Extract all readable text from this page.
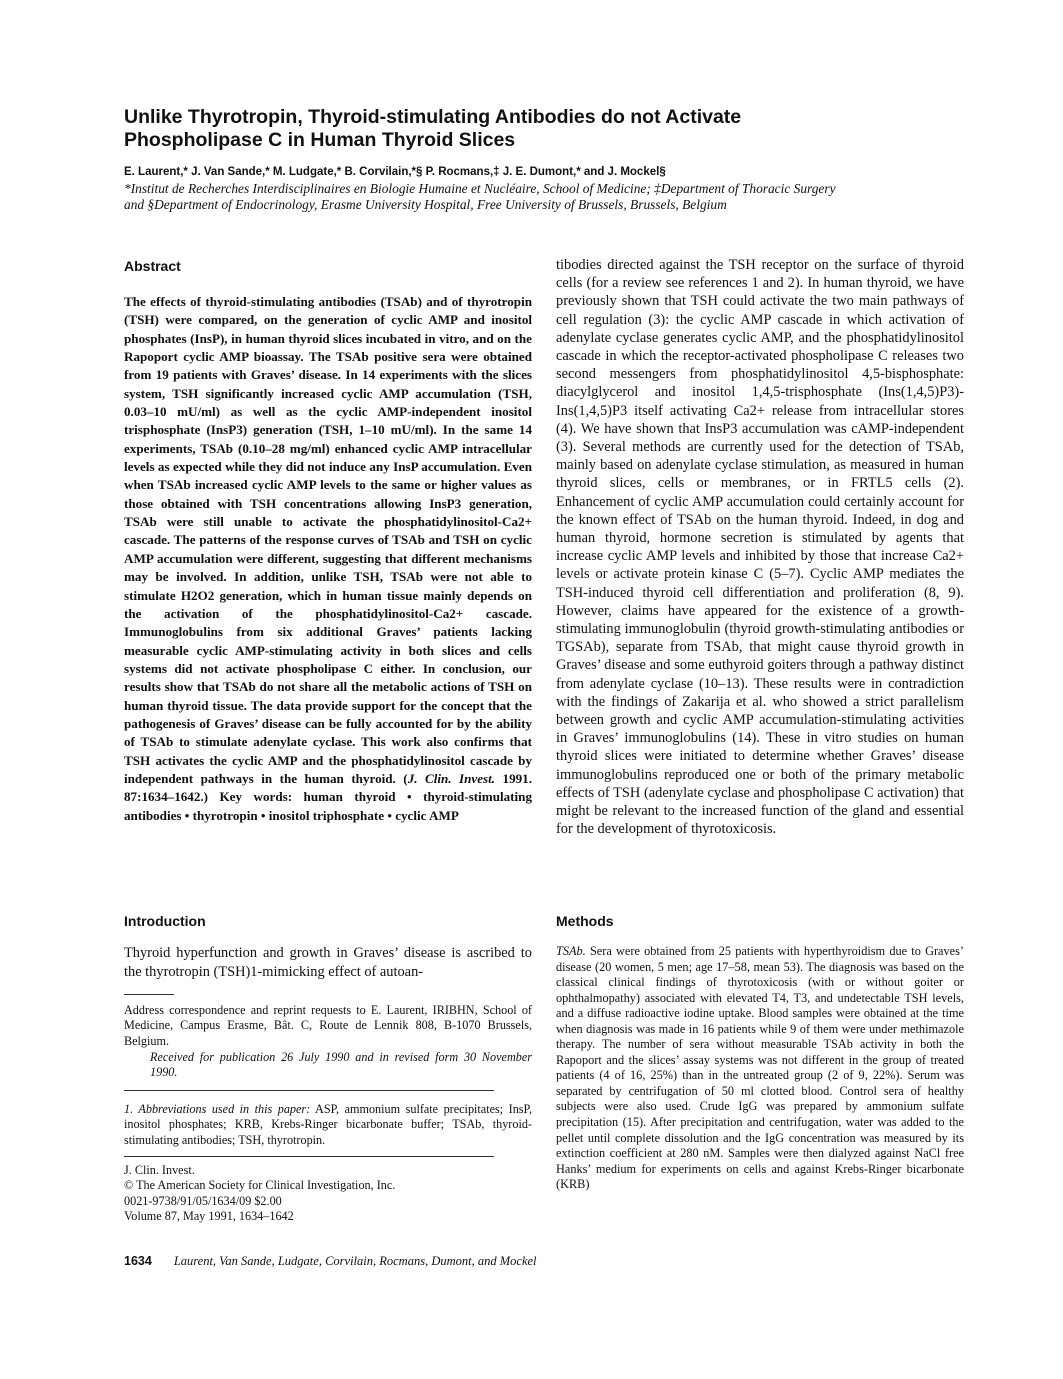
Unlike Thyrotropin, Thyroid-stimulating Antibodies do not Activate
Phospholipase C in Human Thyroid Slices

E. Laurent,* J. Van Sande,* M. Ludgate,* B. Corvilain,*§ P. Rocmans,‡ J. E. Dumont,* and J. Mockel§

*Institut de Recherches Interdisciplinaires en Biologie Humaine et Nucléaire, School of Medicine; ‡Department of Thoracic Surgery
and §Department of Endocrinology, Erasme University Hospital, Free University of Brussels, Brussels, Belgium

Abstract

The effects of thyroid-stimulating antibodies (TSAb) and of thyrotropin (TSH) were compared, on the generation of cyclic AMP and inositol phosphates (InsP), in human thyroid slices incubated in vitro, and on the Rapoport cyclic AMP bioassay. The TSAb positive sera were obtained from 19 patients with Graves’ disease. In 14 experiments with the slices system, TSH significantly increased cyclic AMP accumulation (TSH, 0.03–10 mU/ml) as well as the cyclic AMP-independent inositol trisphosphate (InsP3) generation (TSH, 1–10 mU/ml). In the same 14 experiments, TSAb (0.10–28 mg/ml) enhanced cyclic AMP intracellular levels as expected while they did not induce any InsP accumulation. Even when TSAb increased cyclic AMP levels to the same or higher values as those obtained with TSH concentrations allowing InsP3 generation, TSAb were still unable to activate the phosphatidylinositol-Ca2+ cascade. The patterns of the response curves of TSAb and TSH on cyclic AMP accumulation were different, suggesting that different mechanisms may be involved. In addition, unlike TSH, TSAb were not able to stimulate H2O2 generation, which in human tissue mainly depends on the activation of the phosphatidylinositol-Ca2+ cascade. Immunoglobulins from six additional Graves’ patients lacking measurable cyclic AMP-stimulating activity in both slices and cells systems did not activate phospholipase C either. In conclusion, our results show that TSAb do not share all the metabolic actions of TSH on human thyroid tissue. The data provide support for the concept that the pathogenesis of Graves’ disease can be fully accounted for by the ability of TSAb to stimulate adenylate cyclase. This work also confirms that TSH activates the cyclic AMP and the phosphatidylinositol cascade by independent pathways in the human thyroid. (J. Clin. Invest. 1991. 87:1634–1642.) Key words: human thyroid • thyroid-stimulating antibodies • thyrotropin • inositol triphosphate • cyclic AMP

Introduction

Thyroid hyperfunction and growth in Graves’ disease is ascribed to the thyrotropin (TSH)1-mimicking effect of autoan-

Address correspondence and reprint requests to E. Laurent, IRIBHN, School of Medicine, Campus Erasme, Bât. C, Route de Lennik 808, B-1070 Brussels, Belgium.

Received for publication 26 July 1990 and in revised form 30 November 1990.

1. Abbreviations used in this paper: ASP, ammonium sulfate precipitates; InsP, inositol phosphates; KRB, Krebs-Ringer bicarbonate buffer; TSAb, thyroid-stimulating antibodies; TSH, thyrotropin.

J. Clin. Invest.
© The American Society for Clinical Investigation, Inc.
0021-9738/91/05/1634/09 $2.00
Volume 87, May 1991, 1634–1642

tibodies directed against the TSH receptor on the surface of thyroid cells (for a review see references 1 and 2). In human thyroid, we have previously shown that TSH could activate the two main pathways of cell regulation (3): the cyclic AMP cascade in which activation of adenylate cyclase generates cyclic AMP, and the phosphatidylinositol cascade in which the receptor-activated phospholipase C releases two second messengers from phosphatidylinositol 4,5-bisphosphate: diacylglycerol and inositol 1,4,5-trisphosphate (Ins(1,4,5)P3)-Ins(1,4,5)P3 itself activating Ca2+ release from intracellular stores (4). We have shown that InsP3 accumulation was cAMP-independent (3). Several methods are currently used for the detection of TSAb, mainly based on adenylate cyclase stimulation, as measured in human thyroid slices, cells or membranes, or in FRTL5 cells (2). Enhancement of cyclic AMP accumulation could certainly account for the known effect of TSAb on the human thyroid. Indeed, in dog and human thyroid, hormone secretion is stimulated by agents that increase cyclic AMP levels and inhibited by those that increase Ca2+ levels or activate protein kinase C (5–7). Cyclic AMP mediates the TSH-induced thyroid cell differentiation and proliferation (8, 9). However, claims have appeared for the existence of a growth-stimulating immunoglobulin (thyroid growth-stimulating antibodies or TGSAb), separate from TSAb, that might cause thyroid growth in Graves’ disease and some euthyroid goiters through a pathway distinct from adenylate cyclase (10–13). These results were in contradiction with the findings of Zakarija et al. who showed a strict parallelism between growth and cyclic AMP accumulation-stimulating activities in Graves’ immunoglobulins (14). These in vitro studies on human thyroid slices were initiated to determine whether Graves’ disease immunoglobulins reproduced one or both of the primary metabolic effects of TSH (adenylate cyclase and phospholipase C activation) that might be relevant to the increased function of the gland and essential for the development of thyrotoxicosis.

Methods

TSAb. Sera were obtained from 25 patients with hyperthyroidism due to Graves’ disease (20 women, 5 men; age 17–58, mean 53). The diagnosis was based on the classical clinical findings of thyrotoxicosis (with or without goiter or ophthalmopathy) associated with elevated T4, T3, and undetectable TSH levels, and a diffuse radioactive iodine uptake. Blood samples were obtained at the time when diagnosis was made in 16 patients while 9 of them were under methimazole therapy. The number of sera without measurable TSAb activity in both the Rapoport and the slices’ assay systems was not different in the group of treated patients (4 of 16, 25%) than in the untreated group (2 of 9, 22%). Serum was separated by centrifugation of 50 ml clotted blood. Control sera of healthy subjects were also used. Crude IgG was prepared by ammonium sulfate precipitation (15). After precipitation and centrifugation, water was added to the pellet until complete dissolution and the IgG concentration was measured by its extinction coefficient at 280 nM. Samples were then dialyzed against NaCl free Hanks’ medium for experiments on cells and against Krebs-Ringer bicarbonate (KRB)

1634 Laurent, Van Sande, Ludgate, Corvilain, Rocmans, Dumont, and Mockel
